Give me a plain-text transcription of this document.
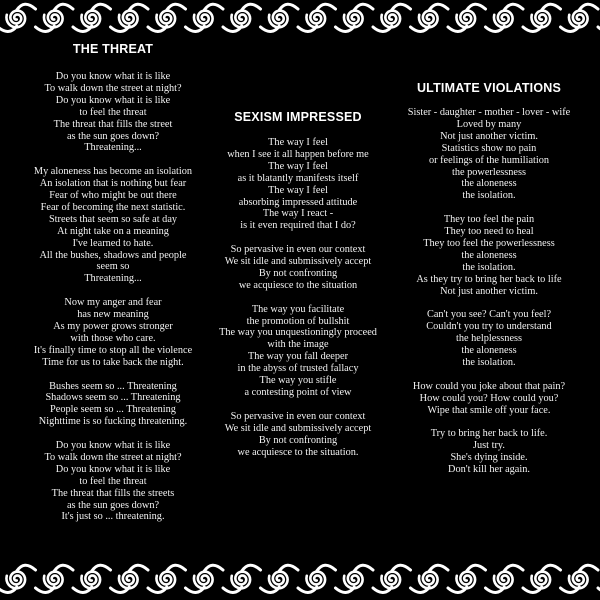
THE THREAT
Do you know what it is like
To walk down the street at night?
Do you know what it is like
to feel the threat
The threat that fills the street
as the sun goes down?
Threatening...
My aloneness has become an isolation
An isolation that is nothing but fear
Fear of who might be out there
Fear of becoming the next statistic.
Streets that seem so safe at day
At night take on a meaning
I've learned to hate.
All the bushes, shadows and people
seem so
Threatening...
Now my anger and fear
has new meaning
As my power grows stronger
with those who care.
It's finally time to stop all the violence
Time for us to take back the night.
Bushes seem so ... Threatening
Shadows seem so ... Threatening
People seem so ... Threatening
Nighttime is so fucking threatening.
Do you know what it is like
To walk down the street at night?
Do you know what it is like
to feel the threat
The threat that fills the streets
as the sun goes down?
It's just so ... threatening.
SEXISM IMPRESSED
The way I feel
when I see it all happen before me
The way I feel
as it blatantly manifests itself
The way I feel
absorbing impressed attitude
The way I react -
is it even required that I do?
So pervasive in even our context
We sit idle and submissively accept
By not confronting
we acquiesce to the situation
The way you facilitate
the promotion of bullshit
The way you unquestioningly proceed
with the image
The way you fall deeper
in the abyss of trusted fallacy
The way you stifle
a contesting point of view
So pervasive in even our context
We sit idle and submissively accept
By not confronting
we acquiesce to the situation.
ULTIMATE VIOLATIONS
Sister - daughter - mother - lover - wife
Loved by many
Not just another victim.
Statistics show no pain
or feelings of the humiliation
the powerlessness
the aloneness
the isolation.
They too feel the pain
They too need to heal
They too feel the powerlessness
the aloneness
the isolation.
As they try to bring her back to life
Not just another victim.
Can't you see? Can't you feel?
Couldn't you try to understand
the helplessness
the aloneness
the isolation.
How could you joke about that pain?
How could you? How could you?
Wipe that smile off your face.
Try to bring her back to life.
Just try.
She's dying inside.
Don't kill her again.
